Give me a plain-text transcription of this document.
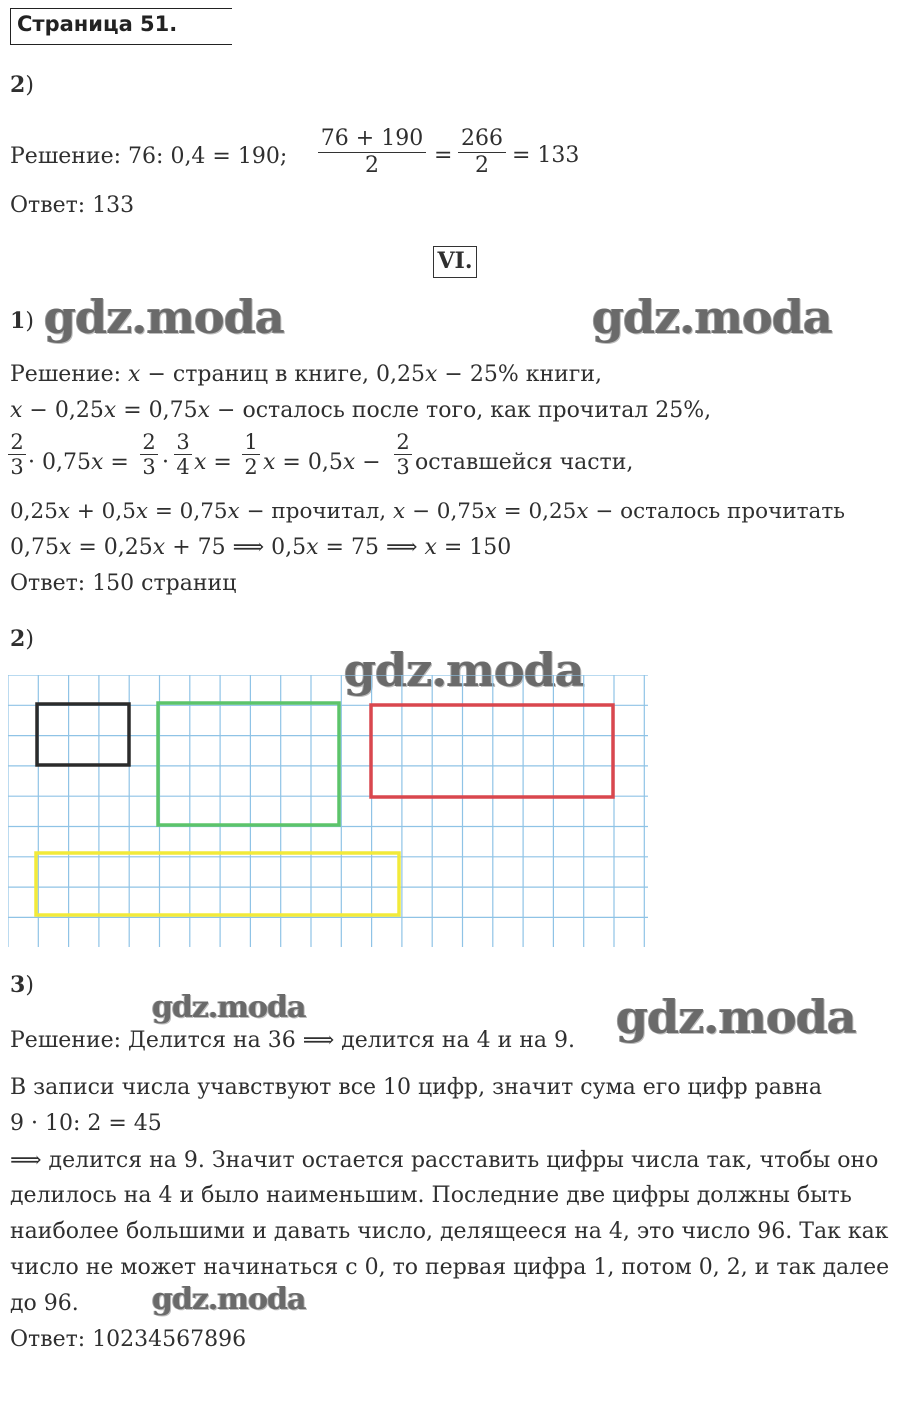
Страница 51.
2)
Решение: 76: 0,4 = 190; $\frac{76 + 190}{2} = \frac{266}{2} = 133$
Ответ: 133
VI.
gdz.moda	gdz.moda
gdz.moda
gdz.moda	gdz.moda
gdz.moda
1)
Решение: 𝑥 − страниц в книге, 0,25𝑥 − 25% книги,
𝑥 − 0,25𝑥 = 0,75𝑥 − осталось после того, как прочитал 25%,
$\frac{2}{3}$ · 0,75𝑥 = $\frac{2}{3} \cdot \frac{3}{4}$ 𝑥 = $\frac{1}{2}$ 𝑥 = 0,5𝑥 − $\frac{2}{3}$ оставшейся части,
0,25𝑥 + 0,5𝑥 = 0,75𝑥 − прочитал, 𝑥 − 0,75𝑥 = 0,25𝑥 − осталось прочитать
0,75𝑥 = 0,25𝑥 + 75 ⟹ 0,5𝑥 = 75 ⟹ 𝑥 = 150
Ответ: 150 страниц
2)
3)
Решение: Делится на 36 ⟹ делится на 4 и на 9.
В записи числа учавствуют все 10 цифр, значит сума его цифр равна
9 · 10: 2 = 45
⟹ делится на 9. Значит остается расставить цифры числа так, чтобы оно
делилось на 4 и было наименьшим. Последние две цифры должны быть
наиболее большими и давать число, делящееся на 4, это число 96. Так как
число не может начинаться с 0, то первая цифра 1, потом 0, 2, и так далее
до 96.
Ответ: 10234567896
